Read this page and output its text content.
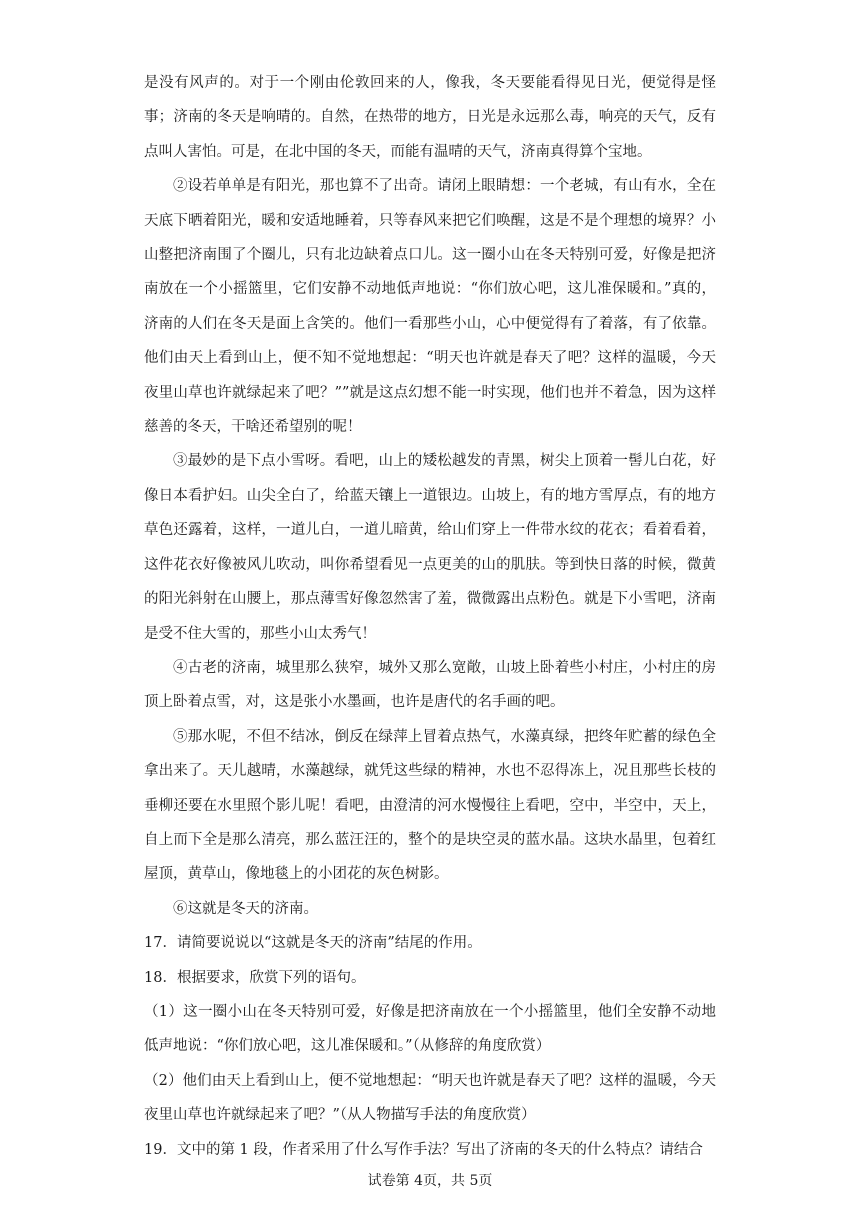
是没有风声的。对于一个刚由伦敦回来的人，像我，冬天要能看得见日光，便觉得是怪事；济南的冬天是响晴的。自然，在热带的地方，日光是永远那么毒，响亮的天气，反有点叫人害怕。可是，在北中国的冬天，而能有温晴的天气，济南真得算个宝地。

②设若单单是有阳光，那也算不了出奇。请闭上眼睛想：一个老城，有山有水，全在天底下晒着阳光，暖和安适地睡着，只等春风来把它们唤醒，这是不是个理想的境界？小山整把济南围了个圈儿，只有北边缺着点口儿。这一圈小山在冬天特别可爱，好像是把济南放在一个小摇篮里，它们安静不动地低声地说：“你们放心吧，这儿准保暖和。”真的，济南的人们在冬天是面上含笑的。他们一看那些小山，心中便觉得有了着落，有了依靠。他们由天上看到山上，便不知不觉地想起：“明天也许就是春天了吧？这样的温暖，今天夜里山草也许就绿起来了吧？””就是这点幻想不能一时实现，他们也并不着急，因为这样慈善的冬天，干啥还希望别的呢！

③最妙的是下点小雪呀。看吧，山上的矮松越发的青黑，树尖上顶着一髻儿白花，好像日本看护妇。山尖全白了，给蓝天镶上一道银边。山坡上，有的地方雪厚点，有的地方草色还露着，这样，一道儿白，一道儿暗黄，给山们穿上一件带水纹的花衣；看着看着，这件花衣好像被风儿吹动，叫你希望看见一点更美的山的肌肤。等到快日落的时候，微黄的阳光斜射在山腰上，那点薄雪好像忽然害了羞，微微露出点粉色。就是下小雪吧，济南是受不住大雪的，那些小山太秀气！

④古老的济南，城里那么狭窄，城外又那么宽敞，山坡上卧着些小村庄，小村庄的房顶上卧着点雪，对，这是张小水墨画，也许是唐代的名手画的吧。

⑤那水呢，不但不结冰，倒反在绿萍上冒着点热气，水藻真绿，把终年贮蓄的绿色全拿出来了。天儿越晴，水藻越绿，就凭这些绿的精神，水也不忍得冻上，况且那些长枝的垂柳还要在水里照个影儿呢！看吧，由澄清的河水慢慢往上看吧，空中，半空中，天上，自上而下全是那么清亮，那么蓝汪汪的，整个的是块空灵的蓝水晶。这块水晶里，包着红屋顶，黄草山，像地毯上的小团花的灰色树影。

⑥这就是冬天的济南。

17．请简要说说以“这就是冬天的济南”结尾的作用。

18．根据要求，欣赏下列的语句。

（1）这一圈小山在冬天特别可爱，好像是把济南放在一个小摇篮里，他们全安静不动地低声地说：“你们放心吧，这儿准保暖和。”（从修辞的角度欣赏）

（2）他们由天上看到山上，便不觉地想起：“明天也许就是春天了吧？这样的温暖，今天夜里山草也许就绿起来了吧？”（从人物描写手法的角度欣赏）

19．文中的第 1 段，作者采用了什么写作手法？写出了济南的冬天的什么特点？请结合

试卷第 4页，共 5页
